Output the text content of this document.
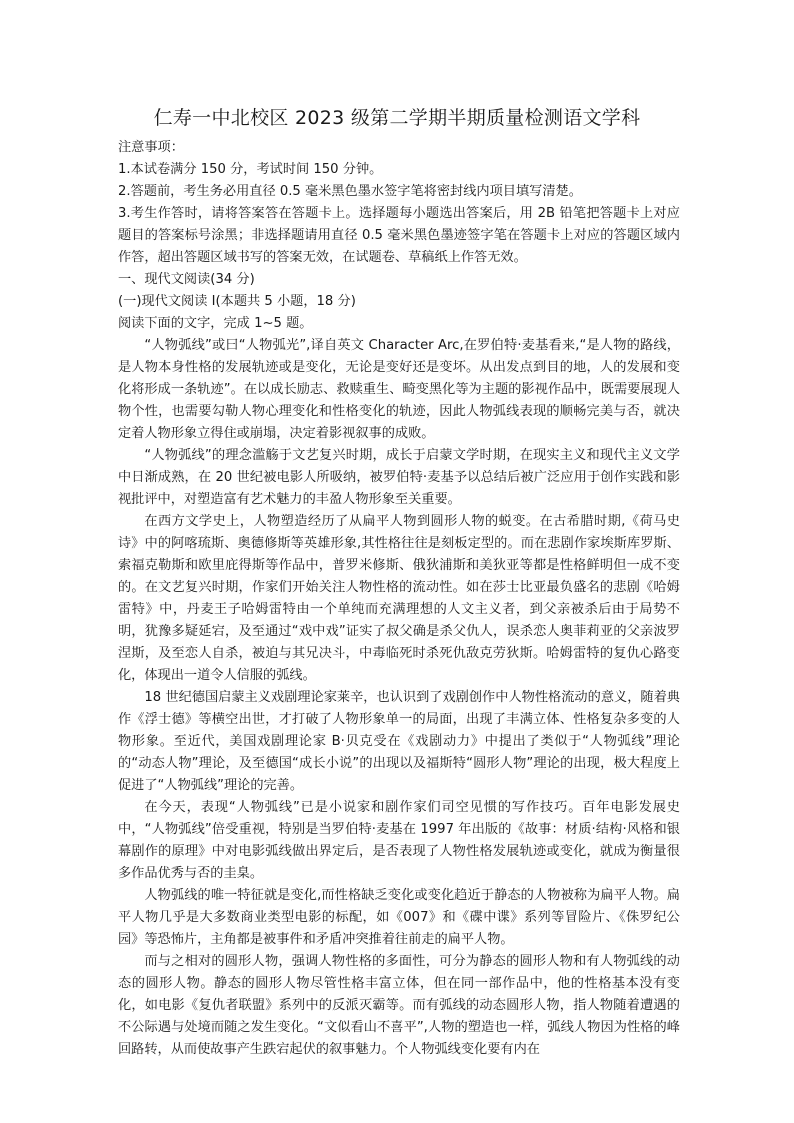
仁寿一中北校区 2023 级第二学期半期质量检测语文学科

注意事项：

1.本试卷满分 150 分，考试时间 150 分钟。

2.答题前，考生务必用直径 0.5 毫米黑色墨水签字笔将密封线内项目填写清楚。

3.考生作答时，请将答案答在答题卡上。选择题每小题选出答案后，用 2B 铅笔把答题卡上对应题目的答案标号涂黑；非选择题请用直径 0.5 毫米黑色墨迹签字笔在答题卡上对应的答题区域内作答，超出答题区域书写的答案无效，在试题卷、草稿纸上作答无效。

一、现代文阅读(34 分)

(一)现代文阅读 I(本题共 5 小题，18 分)

阅读下面的文字，完成 1~5 题。

“人物弧线”或曰“人物弧光”,译自英文 Character Arc,在罗伯特·麦基看来,“是人物的路线，是人物本身性格的发展轨迹或是变化，无论是变好还是变坏。从出发点到目的地，人的发展和变化将形成一条轨迹”。在以成长励志、救赎重生、畸变黑化等为主题的影视作品中，既需要展现人物个性，也需要勾勒人物心理变化和性格变化的轨迹，因此人物弧线表现的顺畅完美与否，就决定着人物形象立得住或崩塌，决定着影视叙事的成败。

“人物弧线”的理念滥觞于文艺复兴时期，成长于启蒙文学时期，在现实主义和现代主义文学中日渐成熟，在 20 世纪被电影人所吸纳，被罗伯特·麦基予以总结后被广泛应用于创作实践和影视批评中，对塑造富有艺术魅力的丰盈人物形象至关重要。

在西方文学史上，人物塑造经历了从扁平人物到圆形人物的蜕变。在古希腊时期,《荷马史诗》中的阿喀琉斯、奥德修斯等英雄形象,其性格往往是刻板定型的。而在悲剧作家埃斯库罗斯、索福克勒斯和欧里庇得斯等作品中，普罗米修斯、俄狄浦斯和美狄亚等都是性格鲜明但一成不变的。在文艺复兴时期，作家们开始关注人物性格的流动性。如在莎士比亚最负盛名的悲剧《哈姆雷特》中，丹麦王子哈姆雷特由一个单纯而充满理想的人文主义者，到父亲被杀后由于局势不明，犹豫多疑延宕，及至通过“戏中戏”证实了叔父确是杀父仇人，误杀恋人奥菲莉亚的父亲波罗涅斯，及至恋人自杀，被迫与其兄决斗，中毒临死时杀死仇敌克劳狄斯。哈姆雷特的复仇心路变化，体现出一道令人信服的弧线。

18 世纪德国启蒙主义戏剧理论家莱辛，也认识到了戏剧创作中人物性格流动的意义，随着典作《浮士德》等横空出世，才打破了人物形象单一的局面，出现了丰满立体、性格复杂多变的人物形象。至近代，美国戏剧理论家 B·贝克受在《戏剧动力》中提出了类似于“人物弧线”理论的“动态人物”理论，及至德国“成长小说”的出现以及福斯特“圆形人物”理论的出现，极大程度上促进了“人物弧线”理论的完善。

在今天，表现“人物弧线”已是小说家和剧作家们司空见惯的写作技巧。百年电影发展史中，“人物弧线”倍受重视，特别是当罗伯特·麦基在 1997 年出版的《故事：材质·结构·风格和银幕剧作的原理》中对电影弧线做出界定后，是否表现了人物性格发展轨迹或变化，就成为衡量很多作品优秀与否的圭臬。

人物弧线的唯一特征就是变化,而性格缺乏变化或变化趋近于静态的人物被称为扁平人物。扁平人物几乎是大多数商业类型电影的标配，如《007》和《碟中谍》系列等冒险片、《侏罗纪公园》等恐怖片，主角都是被事件和矛盾冲突推着往前走的扁平人物。

而与之相对的圆形人物，强调人物性格的多面性，可分为静态的圆形人物和有人物弧线的动态的圆形人物。静态的圆形人物尽管性格丰富立体，但在同一部作品中，他的性格基本没有变化，如电影《复仇者联盟》系列中的反派灭霸等。而有弧线的动态圆形人物，指人物随着遭遇的不公际遇与处境而随之发生变化。“文似看山不喜平”,人物的塑造也一样，弧线人物因为性格的峰回路转，从而使故事产生跌宕起伏的叙事魅力。个人物弧线变化要有内在
